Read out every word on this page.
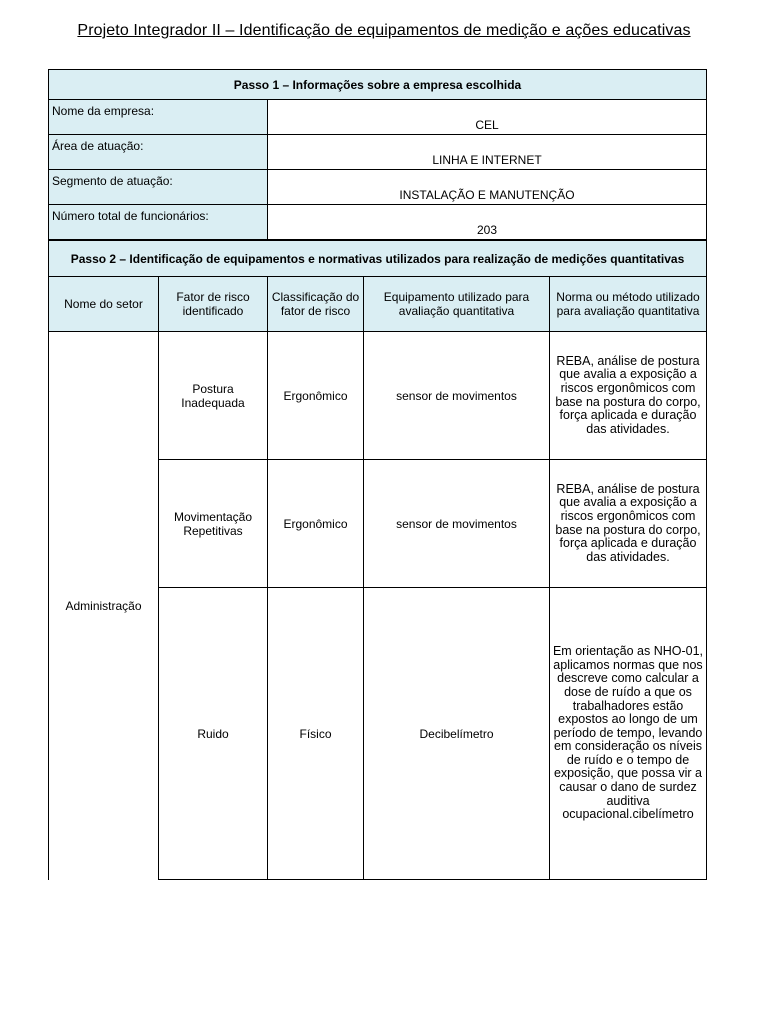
Projeto Integrador II – Identificação de equipamentos de medição e ações educativas
Passo 1 – Informações sobre a empresa escolhida	
Nome da empresa:	CEL
Área de atuação:	LINHA E INTERNET
Segmento de atuação:	INSTALAÇÃO E MANUTENÇÃO
Número total de funcionários:	203
Passo 2 – Identificação de equipamentos e normativas utilizados para realização de medições quantitativas				
Nome do setor	Fator de risco identificado	Classificação do fator de risco	Equipamento utilizado para avaliação quantitativa	Norma ou método utilizado para avaliação quantitativa
Administração	Postura Inadequada	Ergonômico	sensor de movimentos	REBA, análise de postura que avalia a exposição a riscos ergonômicos com base na postura do corpo, força aplicada e duração das atividades.
	Movimentação Repetitivas	Ergonômico	sensor de movimentos	REBA, análise de postura que avalia a exposição a riscos ergonômicos com base na postura do corpo, força aplicada e duração das atividades.
	Ruido	Físico	Decibelímetro	Em orientação as NHO-01, aplicamos normas que nos descreve como calcular a dose de ruído a que os trabalhadores estão expostos ao longo de um período de tempo, levando em consideração os níveis de ruído e o tempo de exposição, que possa vir a causar o dano de surdez auditiva ocupacional.cibelímetro
